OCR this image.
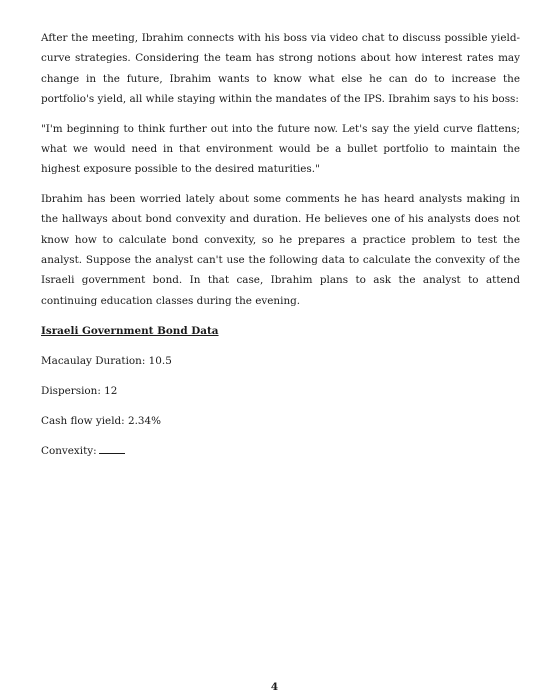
After the meeting, Ibrahim connects with his boss via video chat to discuss possible yield-curve strategies. Considering the team has strong notions about how interest rates may change in the future, Ibrahim wants to know what else he can do to increase the portfolio's yield, all while staying within the mandates of the IPS. Ibrahim says to his boss:

"I'm beginning to think further out into the future now. Let's say the yield curve flattens; what we would need in that environment would be a bullet portfolio to maintain the highest exposure possible to the desired maturities."

Ibrahim has been worried lately about some comments he has heard analysts making in the hallways about bond convexity and duration. He believes one of his analysts does not know how to calculate bond convexity, so he prepares a practice problem to test the analyst. Suppose the analyst can't use the following data to calculate the convexity of the Israeli government bond. In that case, Ibrahim plans to ask the analyst to attend continuing education classes during the evening.

Israeli Government Bond Data
Macaulay Duration: 10.5
Dispersion: 12
Cash flow yield: 2.34%
Convexity:
4
